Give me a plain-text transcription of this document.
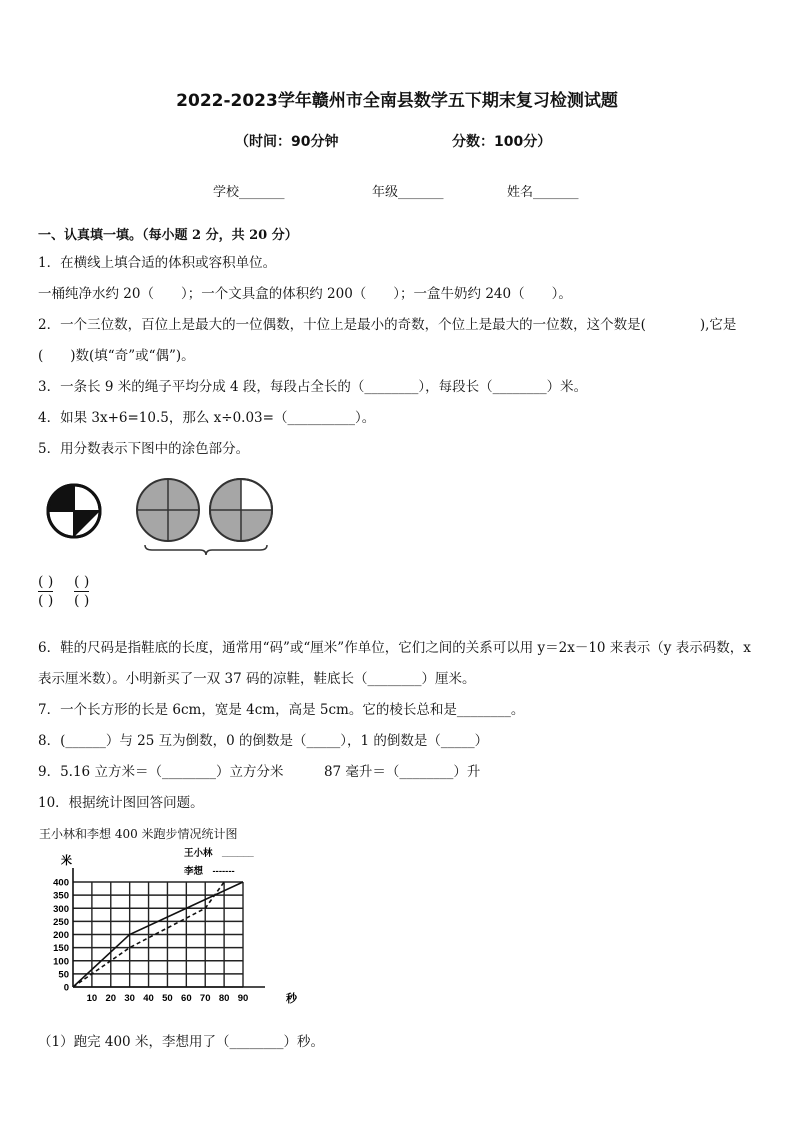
2022-2023学年赣州市全南县数学五下期末复习检测试题
（时间：90分钟	分数：100分）
学校_______	年级_______	姓名_______
一、认真填一填。（每小题 2 分，共 20 分）
1．在横线上填合适的体积或容积单位。
一桶纯净水约 20（　　）；一个文具盒的体积约 200（　　）；一盒牛奶约 240（　　）。
2．一个三位数，百位上是最大的一位偶数，十位上是最小的奇数，个位上是最大的一位数，这个数是(　　　　),它是
(　　)数(填“奇”或“偶”)。
3．一条长 9 米的绳子平均分成 4 段，每段占全长的（________），每段长（________）米。
4．如果 3x+6=10.5，那么 x÷0.03=（__________）。
5．用分数表示下图中的涂色部分。
( )
( )
( )
( )
6．鞋的尺码是指鞋底的长度，通常用“码”或“厘米”作单位，它们之间的关系可以用 y＝2x－10 来表示（y 表示码数，x
表示厘米数）。小明新买了一双 37 码的凉鞋，鞋底长（________）厘米。
7．一个长方形的长是 6cm，宽是 4cm，高是 5cm。它的棱长总和是________。
8．(______）与 25 互为倒数，0 的倒数是（_____），1 的倒数是（_____）
9．5.16 立方米＝（________）立方分米　　　87 毫升＝（________）升
10．根据统计图回答问题。
王小林和李想 400 米跑步情况统计图
米
秒
0
50
100
150
200
250
300
350
400
10 20 30 40 50 60 70 80 90
王小林　______
李想　-------
（1）跑完 400 米，李想用了（________）秒。
